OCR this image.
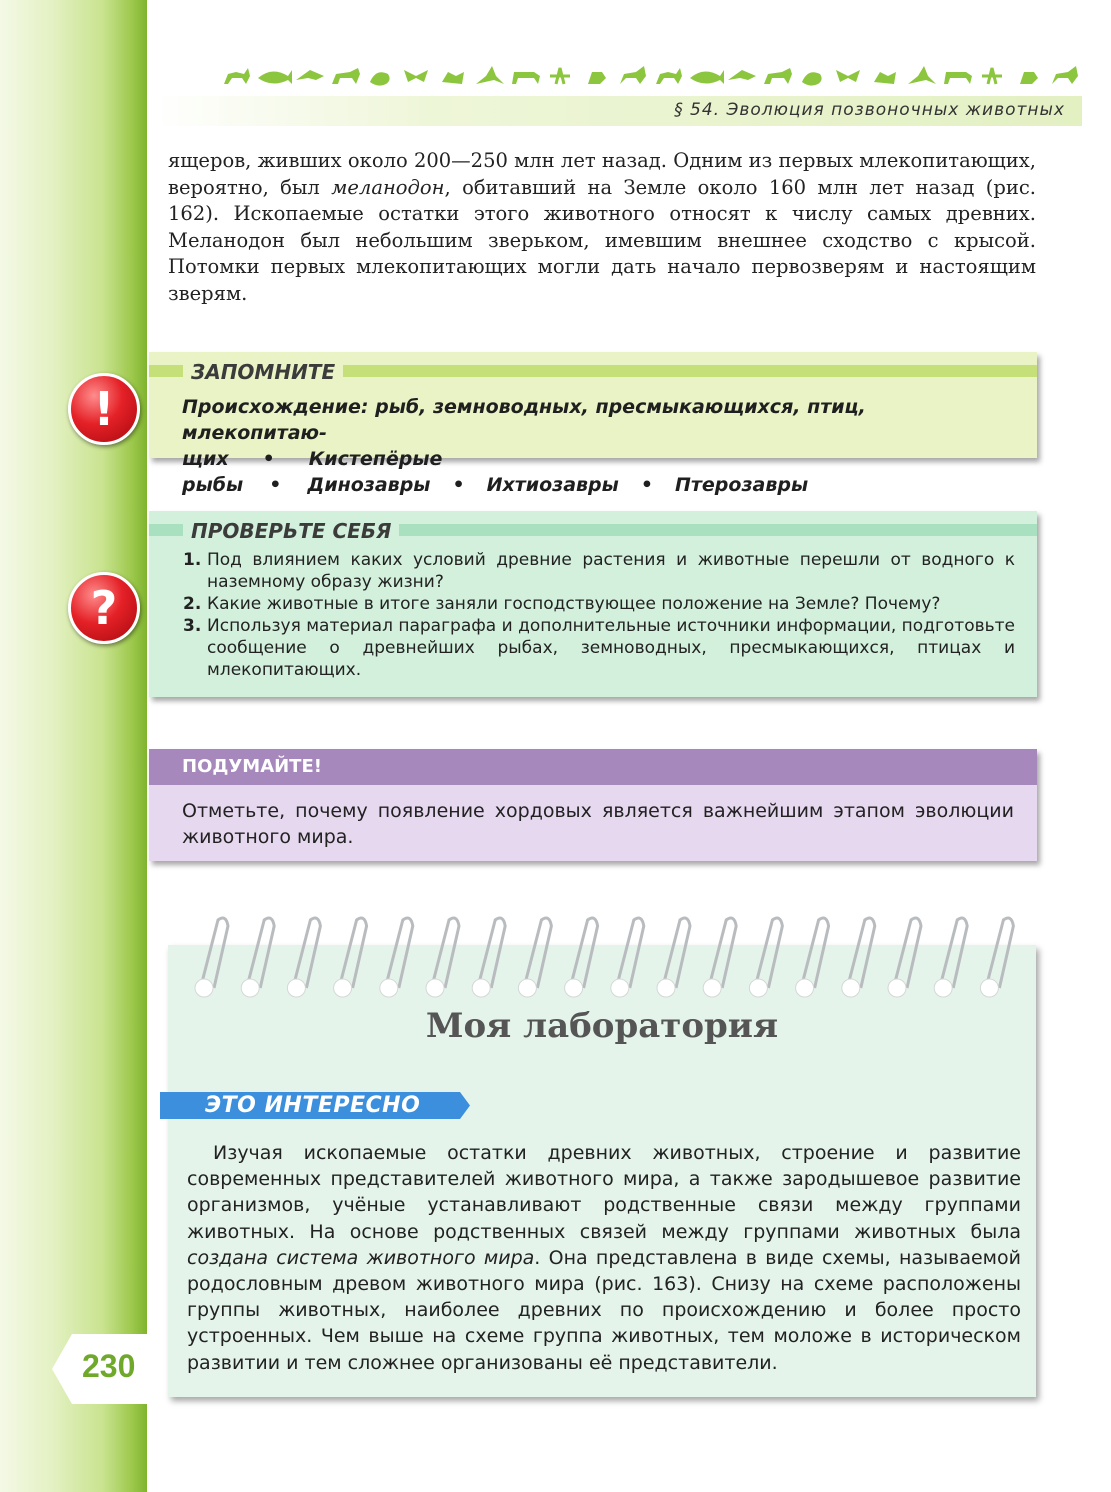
§ 54. Эволюция позвоночных животных

ящеров, живших около 200—250 млн лет назад. Одним из первых млекопитающих, вероятно, был меланодон, обитавший на Земле около 160 млн лет назад (рис. 162). Ископаемые остатки этого животного относят к числу самых древних. Меланодон был небольшим зверьком, имевшим внешнее сходство с крысой. Потомки первых млекопитающих могли дать начало первозверям и настоящим зверям.

!
ЗАПОМНИТЕ

Происхождение: рыб, земноводных, пресмыкающихся, птиц, млекопитаю-
щих • Кистепёрые рыбы • Динозавры • Ихтиозавры • Птерозавры

?
ПРОВЕРЬТЕ СЕБЯ
1. Под влиянием каких условий древние растения и животные перешли от водного к наземному образу жизни?
2. Какие животные в итоге заняли господствующее положение на Земле? Почему?
3. Используя материал параграфа и дополнительные источники информации, подготовьте сообщение о древнейших рыбах, земноводных, пресмыкающихся, птицах и млекопитающих.
ПОДУМАЙТЕ!

Отметьте, почему появление хордовых является важнейшим этапом эволюции животного мира.

Моя лаборатория
ЭТО ИНТЕРЕСНО

Изучая ископаемые остатки древних животных, строение и развитие современных представителей животного мира, а также зародышевое развитие организмов, учёные устанавливают родственные связи между группами животных. На основе родственных связей между группами животных была создана система животного мира. Она представлена в виде схемы, называемой родословным древом животного мира (рис. 163). Снизу на схеме расположены группы животных, наиболее древних по происхождению и более просто устроенных. Чем выше на схеме группа животных, тем моложе в историческом развитии и тем сложнее организованы её представители.

230
